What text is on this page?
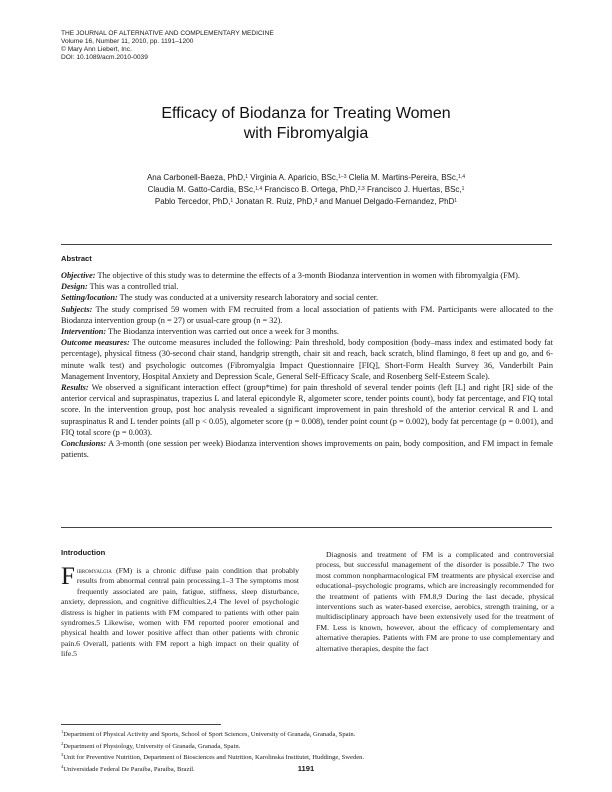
THE JOURNAL OF ALTERNATIVE AND COMPLEMENTARY MEDICINE
Volume 16, Number 11, 2010, pp. 1191–1200
© Mary Ann Liebert, Inc.
DOI: 10.1089/acm.2010-0039
Efficacy of Biodanza for Treating Women
with Fibromyalgia
Ana Carbonell-Baeza, PhD,$^1$ Virginia A. Aparicio, BSc,$^{1-3}$ Clelia M. Martins-Pereira, BSc,$^{1,4}$
Claudia M. Gatto-Cardia, BSc,$^{1,4}$ Francisco B. Ortega, PhD,$^{2,3}$ Francisco J. Huertas, BSc,$^1$
Pablo Tercedor, PhD,$^1$ Jonatan R. Ruiz, PhD,$^3$ and Manuel Delgado-Fernandez, PhD$^1$
Abstract

Objective: The objective of this study was to determine the effects of a 3-month Biodanza intervention in women with fibromyalgia (FM).

Design: This was a controlled trial.

Setting/location: The study was conducted at a university research laboratory and social center.

Subjects: The study comprised 59 women with FM recruited from a local association of patients with FM. Participants were allocated to the Biodanza intervention group (n = 27) or usual-care group (n = 32).

Intervention: The Biodanza intervention was carried out once a week for 3 months.

Outcome measures: The outcome measures included the following: Pain threshold, body composition (body–mass index and estimated body fat percentage), physical fitness (30-second chair stand, handgrip strength, chair sit and reach, back scratch, blind flamingo, 8 feet up and go, and 6-minute walk test) and psychologic outcomes (Fibromyalgia Impact Questionnaire [FIQ], Short-Form Health Survey 36, Vanderbilt Pain Management Inventory, Hospital Anxiety and Depression Scale, General Self-Efficacy Scale, and Rosenberg Self-Esteem Scale).

Results: We observed a significant interaction effect (group*time) for pain threshold of several tender points (left [L] and right [R] side of the anterior cervical and supraspinatus, trapezius L and lateral epicondyle R, algometer score, tender points count), body fat percentage, and FIQ total score. In the intervention group, post hoc analysis revealed a significant improvement in pain threshold of the anterior cervical R and L and supraspinatus R and L tender points (all p < 0.05), algometer score (p = 0.008), tender point count (p = 0.002), body fat percentage (p = 0.001), and FIQ total score (p = 0.003).

Conclusions: A 3-month (one session per week) Biodanza intervention shows improvements on pain, body composition, and FM impact in female patients.

Introduction

Fibromyalgia (FM) is a chronic diffuse pain condition that probably results from abnormal central pain processing.1–3 The symptoms most frequently associated are pain, fatigue, stiffness, sleep disturbance, anxiety, depression, and cognitive difficulties.2,4 The level of psychologic distress is higher in patients with FM compared to patients with other pain syndromes.5 Likewise, women with FM reported poorer emotional and physical health and lower positive affect than other patients with chronic pain.6 Overall, patients with FM report a high impact on their quality of life.5

Diagnosis and treatment of FM is a complicated and controversial process, but successful management of the disorder is possible.7 The two most common nonpharmacological FM treatments are physical exercise and educational–psychologic programs, which are increasingly recommended for the treatment of patients with FM.8,9 During the last decade, physical interventions such as water-based exercise, aerobics, strength training, or a multidisciplinary approach have been extensively used for the treatment of FM. Less is known, however, about the efficacy of complementary and alternative therapies. Patients with FM are prone to use complementary and alternative therapies, despite the fact

$^1$Department of Physical Activity and Sports, School of Sport Sciences, University of Granada, Granada, Spain.
$^2$Department of Physiology, University of Granada, Granada, Spain.
$^3$Unit for Preventive Nutrition, Department of Biosciences and Nutrition, Karolinska Institutet, Huddinge, Sweden.
$^4$Universidade Federal De Paraiba, Paraiba, Brazil.	1191
